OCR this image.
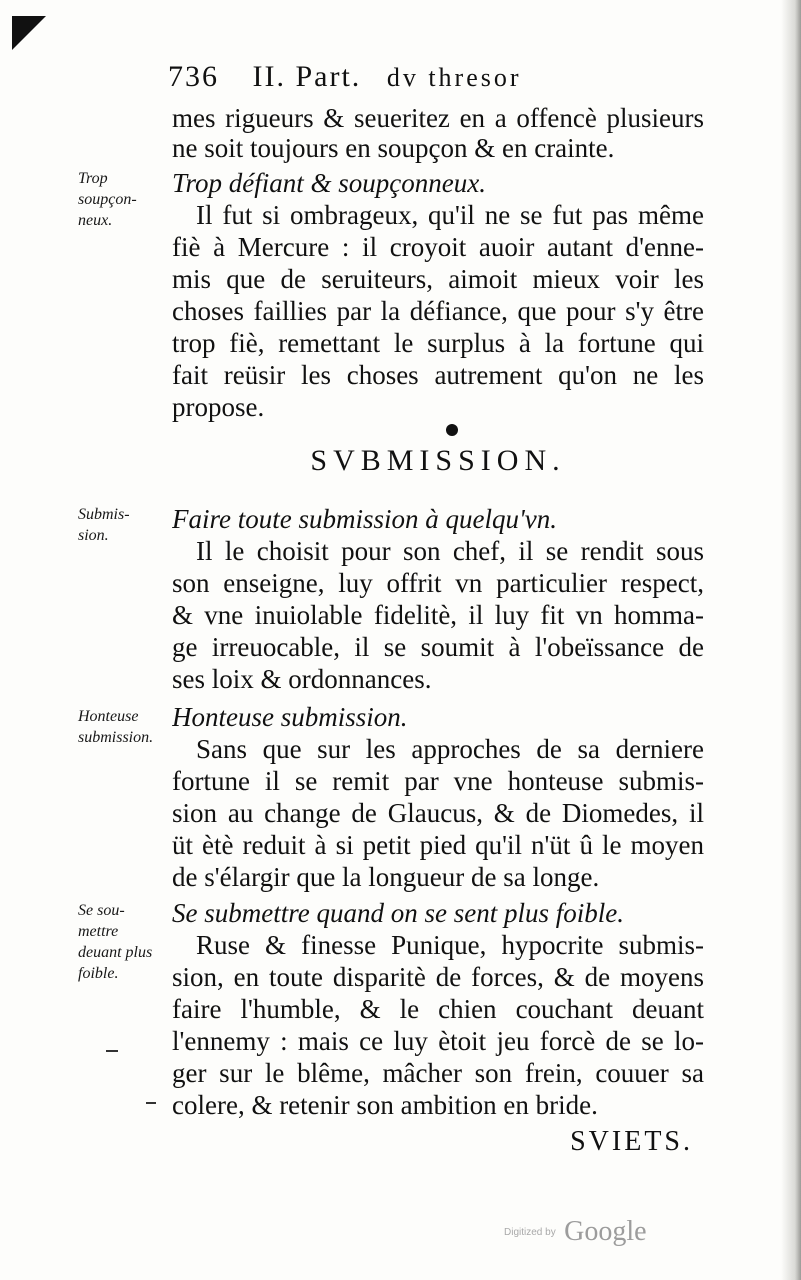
736 II. Part. dv thresor
mes rigueurs & seueritez en a offencè plusieurs
ne soit toujours en soupçon & en crainte.
Trop
soupçon-
neux.
Trop défiant & soupçonneux.
Il fut si ombrageux, qu'il ne se fut pas même
fiè à Mercure : il croyoit auoir autant d'enne-
mis que de seruiteurs, aimoit mieux voir les
choses faillies par la défiance, que pour s'y être
trop fiè, remettant le surplus à la fortune qui
fait reüsir les choses autrement qu'on ne les
propose.
SVBMISSION.
Submis-
sion.
Faire toute submission à quelqu'vn.
Il le choisit pour son chef, il se rendit sous
son enseigne, luy offrit vn particulier respect,
& vne inuiolable fidelitè, il luy fit vn homma-
ge irreuocable, il se soumit à l'obeïssance de
ses loix & ordonnances.
Honteuse
submission.
Honteuse submission.
Sans que sur les approches de sa derniere
fortune il se remit par vne honteuse submis-
sion au change de Glaucus, & de Diomedes, il
üt ètè reduit à si petit pied qu'il n'üt û le moyen
de s'élargir que la longueur de sa longe.
Se sou-
mettre
deuant plus
foible.
Se submettre quand on se sent plus foible.
Ruse & finesse Punique, hypocrite submis-
sion, en toute disparitè de forces, & de moyens
faire l'humble, & le chien couchant deuant
l'ennemy : mais ce luy ètoit jeu forcè de se lo-
ger sur le blême, mâcher son frein, couuer sa
colere, & retenir son ambition en bride.
SVIETS.
Digitized by Google
